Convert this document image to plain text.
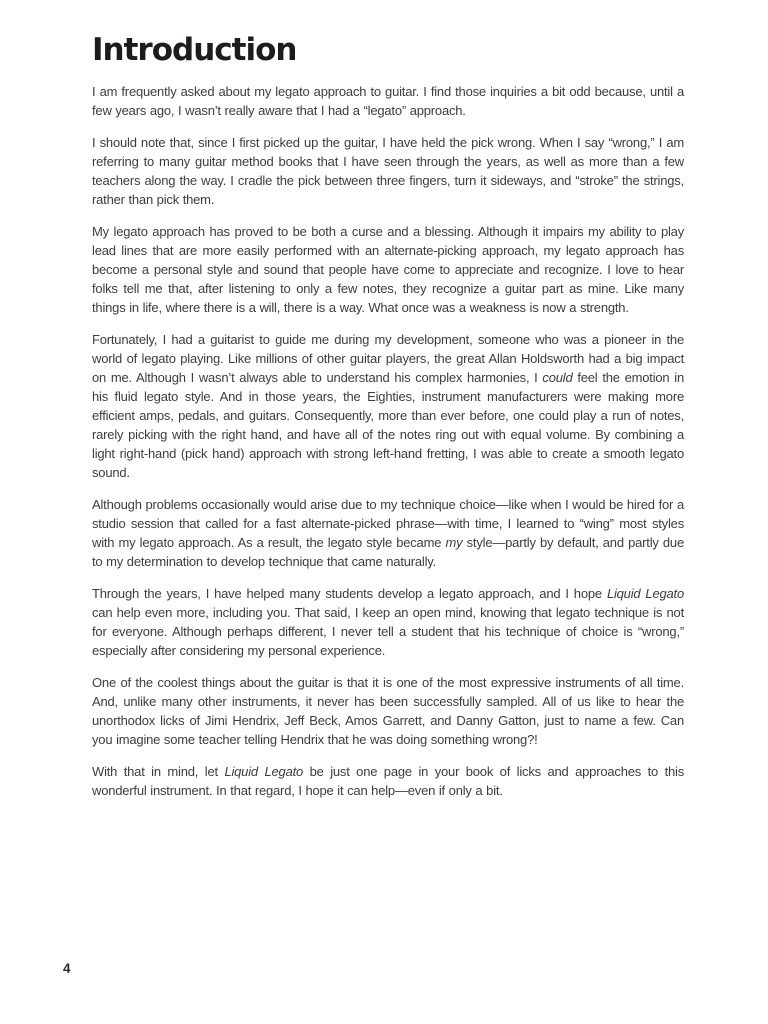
Introduction

I am frequently asked about my legato approach to guitar. I find those inquiries a bit odd because, until a few years ago, I wasn’t really aware that I had a “legato” approach.

I should note that, since I first picked up the guitar, I have held the pick wrong. When I say “wrong,” I am referring to many guitar method books that I have seen through the years, as well as more than a few teachers along the way. I cradle the pick between three fingers, turn it sideways, and “stroke” the strings, rather than pick them.

My legato approach has proved to be both a curse and a blessing. Although it impairs my ability to play lead lines that are more easily performed with an alternate-picking approach, my legato approach has become a personal style and sound that people have come to appreciate and recognize. I love to hear folks tell me that, after listening to only a few notes, they recognize a guitar part as mine. Like many things in life, where there is a will, there is a way. What once was a weakness is now a strength.

Fortunately, I had a guitarist to guide me during my development, someone who was a pioneer in the world of legato playing. Like millions of other guitar players, the great Allan Holdsworth had a big impact on me. Although I wasn’t always able to understand his complex harmonies, I could feel the emotion in his fluid legato style. And in those years, the Eighties, instrument manufacturers were making more efficient amps, pedals, and guitars. Consequently, more than ever before, one could play a run of notes, rarely picking with the right hand, and have all of the notes ring out with equal volume. By combining a light right-hand (pick hand) approach with strong left-hand fretting, I was able to create a smooth legato sound.

Although problems occasionally would arise due to my technique choice—like when I would be hired for a studio session that called for a fast alternate-picked phrase—with time, I learned to “wing” most styles with my legato approach. As a result, the legato style became my style—partly by default, and partly due to my determination to develop technique that came naturally.

Through the years, I have helped many students develop a legato approach, and I hope Liquid Legato can help even more, including you. That said, I keep an open mind, knowing that legato technique is not for everyone. Although perhaps different, I never tell a student that his technique of choice is “wrong,” especially after considering my personal experience.

One of the coolest things about the guitar is that it is one of the most expressive instruments of all time. And, unlike many other instruments, it never has been successfully sampled. All of us like to hear the unorthodox licks of Jimi Hendrix, Jeff Beck, Amos Garrett, and Danny Gatton, just to name a few. Can you imagine some teacher telling Hendrix that he was doing something wrong?!

With that in mind, let Liquid Legato be just one page in your book of licks and approaches to this wonderful instrument. In that regard, I hope it can help—even if only a bit.

4
